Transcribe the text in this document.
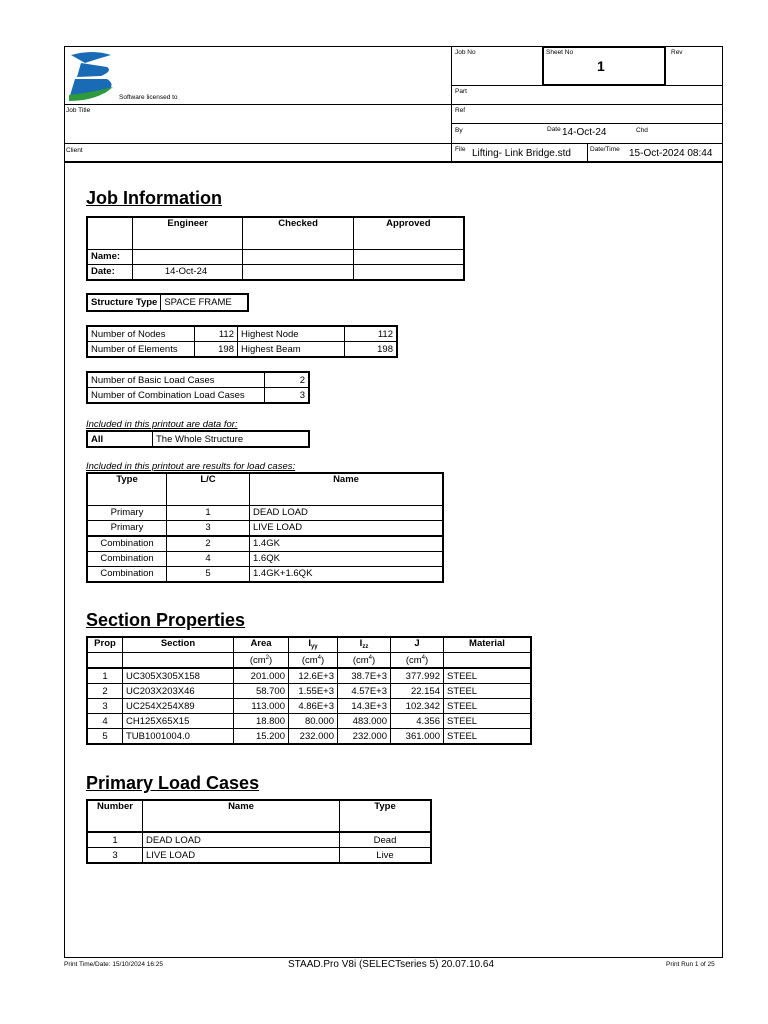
Software licensed to
Job No	Sheet No
1
Rev
Part
Job Title	Ref
By	Date 14-Oct-24	Chd
Client	File Lifting- Link Bridge.std	Date/Time 15-Oct-2024 08:44
Job Information
	Engineer	Checked	Approved
Name:			
Date:	14-Oct-24		
Structure Type	SPACE FRAME
Number of Nodes	112	Highest Node	112
Number of Elements	198	Highest Beam	198
Number of Basic Load Cases	2
Number of Combination Load Cases	3
Included in this printout are data for:
All	The Whole Structure
Included in this printout are results for load cases:
Type	L/C	Name
Primary	1	DEAD LOAD
Primary	3	LIVE LOAD
Combination	2	1.4GK
Combination	4	1.6QK
Combination	5	1.4GK+1.6QK
Section Properties
Prop	Section	Area	$I_{yy}$	$I_{zz}$	J	Material
		$(cm^2)$	$(cm^4)$	$(cm^4)$	$(cm^4)$	
1	UC305X305X158	201.000	12.6E+3	38.7E+3	377.992	STEEL
2	UC203X203X46	58.700	1.55E+3	4.57E+3	22.154	STEEL
3	UC254X254X89	113.000	4.86E+3	14.3E+3	102.342	STEEL
4	CH125X65X15	18.800	80.000	483.000	4.356	STEEL
5	TUB1001004.0	15.200	232.000	232.000	361.000	STEEL
Primary Load Cases
Number	Name	Type
1	DEAD LOAD	Dead
3	LIVE LOAD	Live
Print Time/Date: 15/10/2024 16:25	STAAD.Pro V8i (SELECTseries 5) 20.07.10.64	Print Run 1 of 25
